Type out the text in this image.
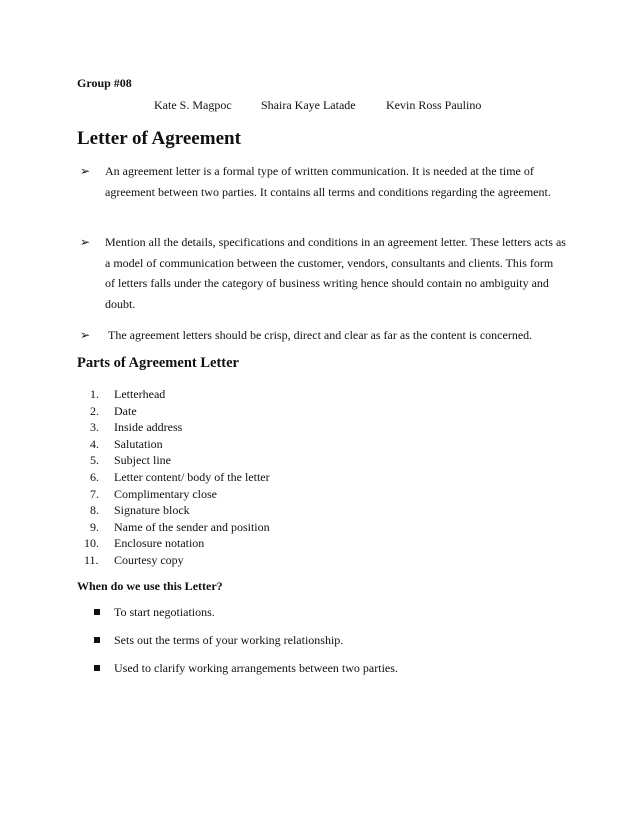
Group #08
Kate S. Magpoc Shaira Kaye Latade	Kevin Ross Paulino
Letter of Agreement
➢ An agreement letter is a formal type of written communication. It is needed at the time of agreement between two parties. It contains all terms and conditions regarding the agreement.
➢ Mention all the details, specifications and conditions in an agreement letter. These letters acts as a model of communication between the customer, vendors, consultants and clients. This form of letters falls under the category of business writing hence should contain no ambiguity and doubt.
➢ The agreement letters should be crisp, direct and clear as far as the content is concerned.
Parts of Agreement Letter
1. Letterhead
2. Date
3. Inside address
4. Salutation
5. Subject line
6. Letter content/ body of the letter
7. Complimentary close
8. Signature block
9. Name of the sender and position
10. Enclosure notation
11. Courtesy copy
When do we use this Letter?
To start negotiations.
Sets out the terms of your working relationship.
Used to clarify working arrangements between two parties.
